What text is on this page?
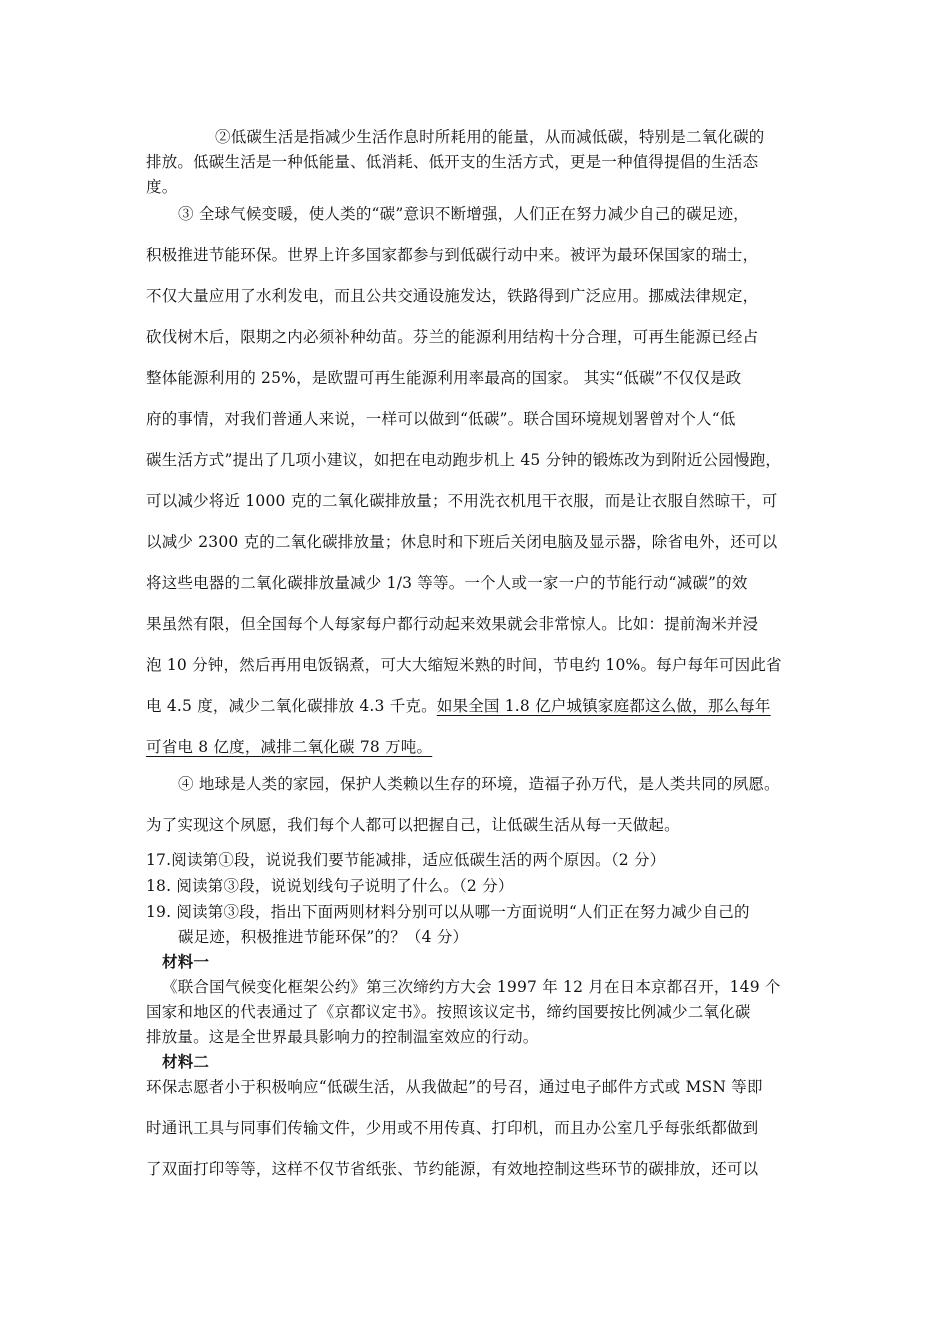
②低碳生活是指减少生活作息时所耗用的能量，从而减低碳，特别是二氧化碳的
排放。低碳生活是一种低能量、低消耗、低开支的生活方式，更是一种值得提倡的生活态
度。
③ 全球气候变暖，使人类的“碳”意识不断增强，人们正在努力减少自己的碳足迹，
积极推进节能环保。世界上许多国家都参与到低碳行动中来。被评为最环保国家的瑞士，
不仅大量应用了水利发电，而且公共交通设施发达，铁路得到广泛应用。挪威法律规定，
砍伐树木后，限期之内必须补种幼苗。芬兰的能源利用结构十分合理，可再生能源已经占
整体能源利用的 25%，是欧盟可再生能源利用率最高的国家。 其实“低碳”不仅仅是政
府的事情，对我们普通人来说，一样可以做到“低碳”。联合国环境规划署曾对个人“低
碳生活方式”提出了几项小建议，如把在电动跑步机上 45 分钟的锻炼改为到附近公园慢跑，
可以减少将近 1000 克的二氧化碳排放量；不用洗衣机甩干衣服，而是让衣服自然晾干，可
以减少 2300 克的二氧化碳排放量；休息时和下班后关闭电脑及显示器，除省电外，还可以
将这些电器的二氧化碳排放量减少 1/3 等等。一个人或一家一户的节能行动“减碳”的效
果虽然有限，但全国每个人每家每户都行动起来效果就会非常惊人。比如：提前淘米并浸
泡 10 分钟，然后再用电饭锅煮，可大大缩短米熟的时间，节电约 10%。每户每年可因此省
电 4.5 度，减少二氧化碳排放 4.3 千克。如果全国 1.8 亿户城镇家庭都这么做，那么每年
可省电 8 亿度，减排二氧化碳 78 万吨。
④ 地球是人类的家园，保护人类赖以生存的环境，造福子孙万代，是人类共同的夙愿。
为了实现这个夙愿，我们每个人都可以把握自己，让低碳生活从每一天做起。
17.阅读第①段，说说我们要节能减排，适应低碳生活的两个原因。（2 分）
18. 阅读第③段，说说划线句子说明了什么。（2 分）
19. 阅读第③段，指出下面两则材料分别可以从哪一方面说明“人们正在努力减少自己的
碳足迹，积极推进节能环保”的？（4 分）
材料一
《联合国气候变化框架公约》第三次缔约方大会 1997 年 12 月在日本京都召开，149 个
国家和地区的代表通过了《京都议定书》。按照该议定书，缔约国要按比例减少二氧化碳
排放量。这是全世界最具影响力的控制温室效应的行动。
材料二
环保志愿者小于积极响应“低碳生活，从我做起”的号召，通过电子邮件方式或 MSN 等即
时通讯工具与同事们传输文件，少用或不用传真、打印机，而且办公室几乎每张纸都做到
了双面打印等等，这样不仅节省纸张、节约能源，有效地控制这些环节的碳排放，还可以
